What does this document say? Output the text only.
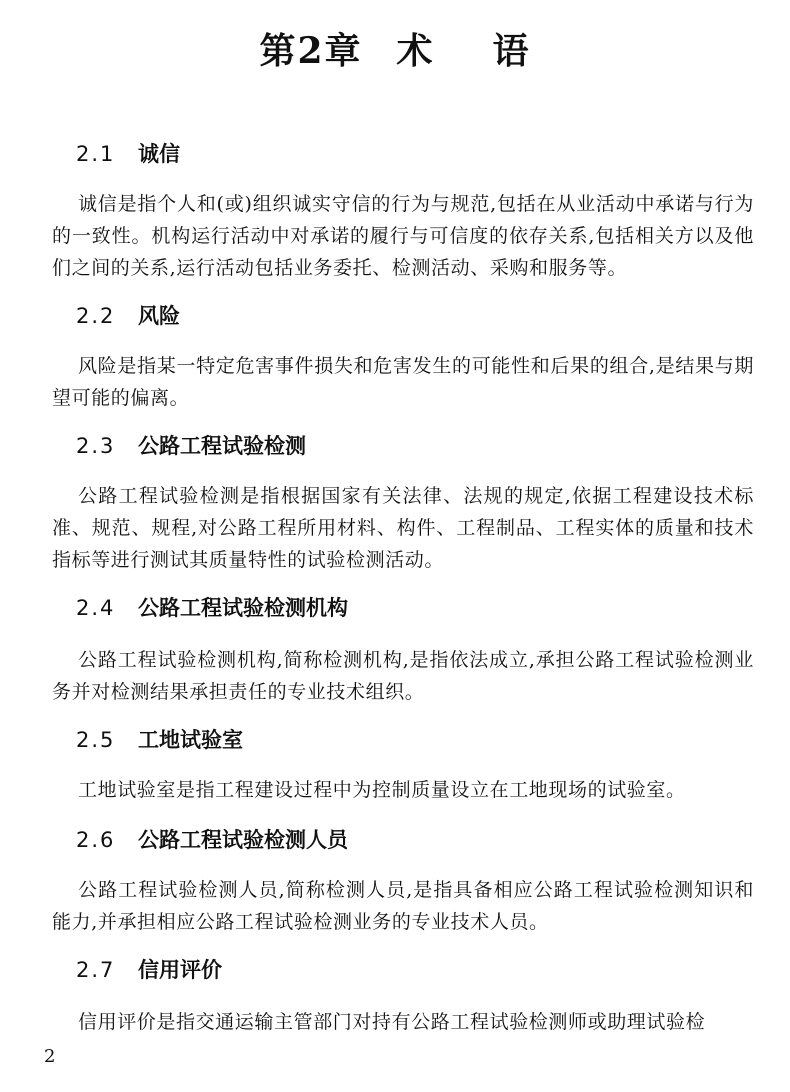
第2章 术 语
2.1 诚信

诚信是指个人和(或)组织诚实守信的行为与规范,包括在从业活动中承诺与行为的一致性。机构运行活动中对承诺的履行与可信度的依存关系,包括相关方以及他们之间的关系,运行活动包括业务委托、检测活动、采购和服务等。

2.2 风险

风险是指某一特定危害事件损失和危害发生的可能性和后果的组合,是结果与期望可能的偏离。

2.3 公路工程试验检测

公路工程试验检测是指根据国家有关法律、法规的规定,依据工程建设技术标准、规范、规程,对公路工程所用材料、构件、工程制品、工程实体的质量和技术指标等进行测试其质量特性的试验检测活动。

2.4 公路工程试验检测机构

公路工程试验检测机构,简称检测机构,是指依法成立,承担公路工程试验检测业务并对检测结果承担责任的专业技术组织。

2.5 工地试验室

工地试验室是指工程建设过程中为控制质量设立在工地现场的试验室。

2.6 公路工程试验检测人员

公路工程试验检测人员,简称检测人员,是指具备相应公路工程试验检测知识和能力,并承担相应公路工程试验检测业务的专业技术人员。

2.7 信用评价

信用评价是指交通运输主管部门对持有公路工程试验检测师或助理试验检

2
